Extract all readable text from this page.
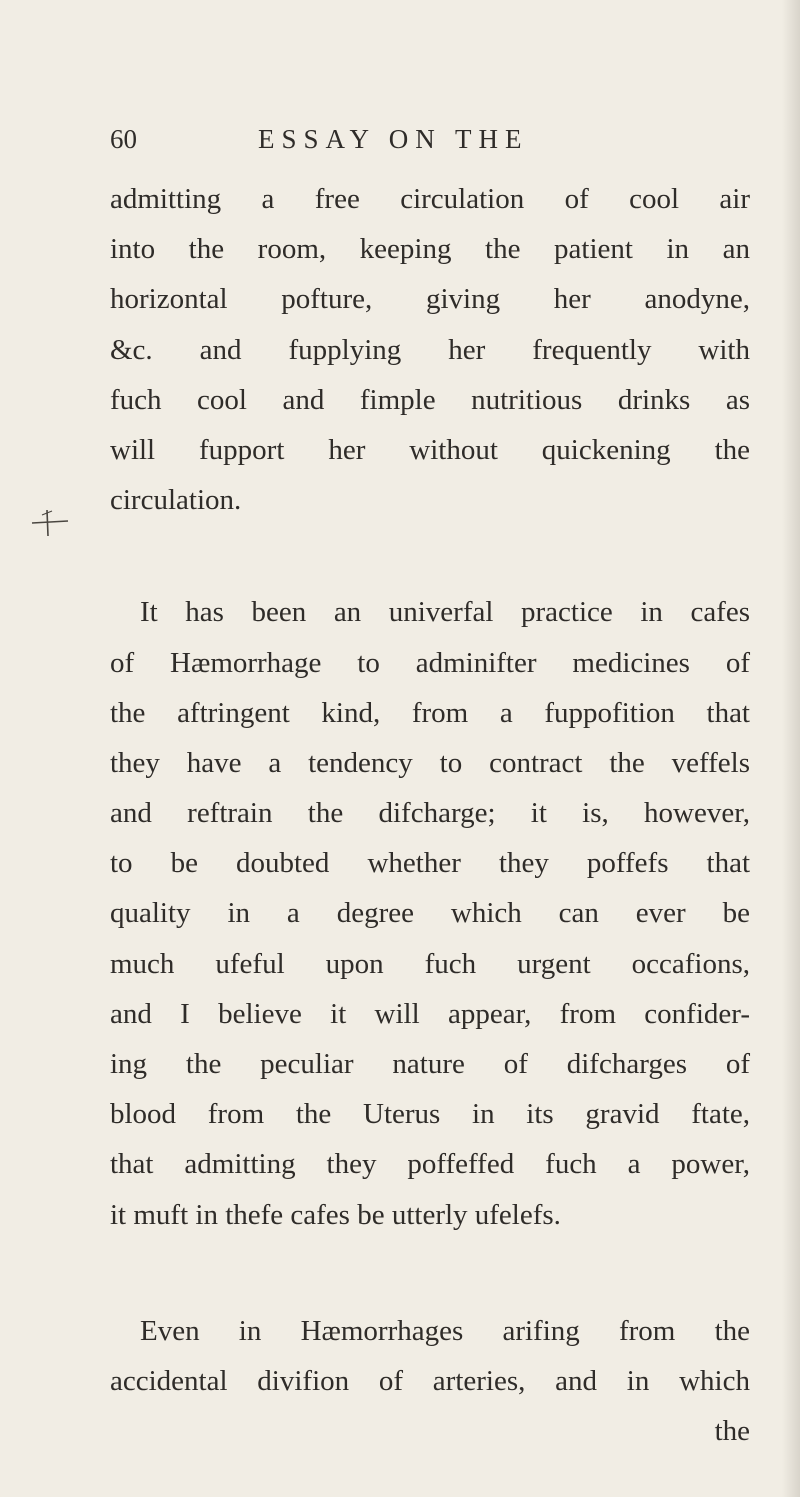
60	ESSAY ON THE
admitting a free circulation of cool air
into the room, keeping the patient in an
horizontal pofture, giving her anodyne,
&c. and fupplying her frequently with
fuch cool and fimple nutritious drinks as
will fupport her without quickening the
circulation.
It has been an univerfal practice in cafes
of Hæmorrhage to adminifter medicines of
the aftringent kind, from a fuppofition that
they have a tendency to contract the veffels
and reftrain the difcharge; it is, however,
to be doubted whether they poffefs that
quality in a degree which can ever be
much ufeful upon fuch urgent occafions,
and I believe it will appear, from confider-
ing the peculiar nature of difcharges of
blood from the Uterus in its gravid ftate,
that admitting they poffeffed fuch a power,
it muft in thefe cafes be utterly ufelefs.
Even in Hæmorrhages arifing from the
accidental divifion of arteries, and in which
the
